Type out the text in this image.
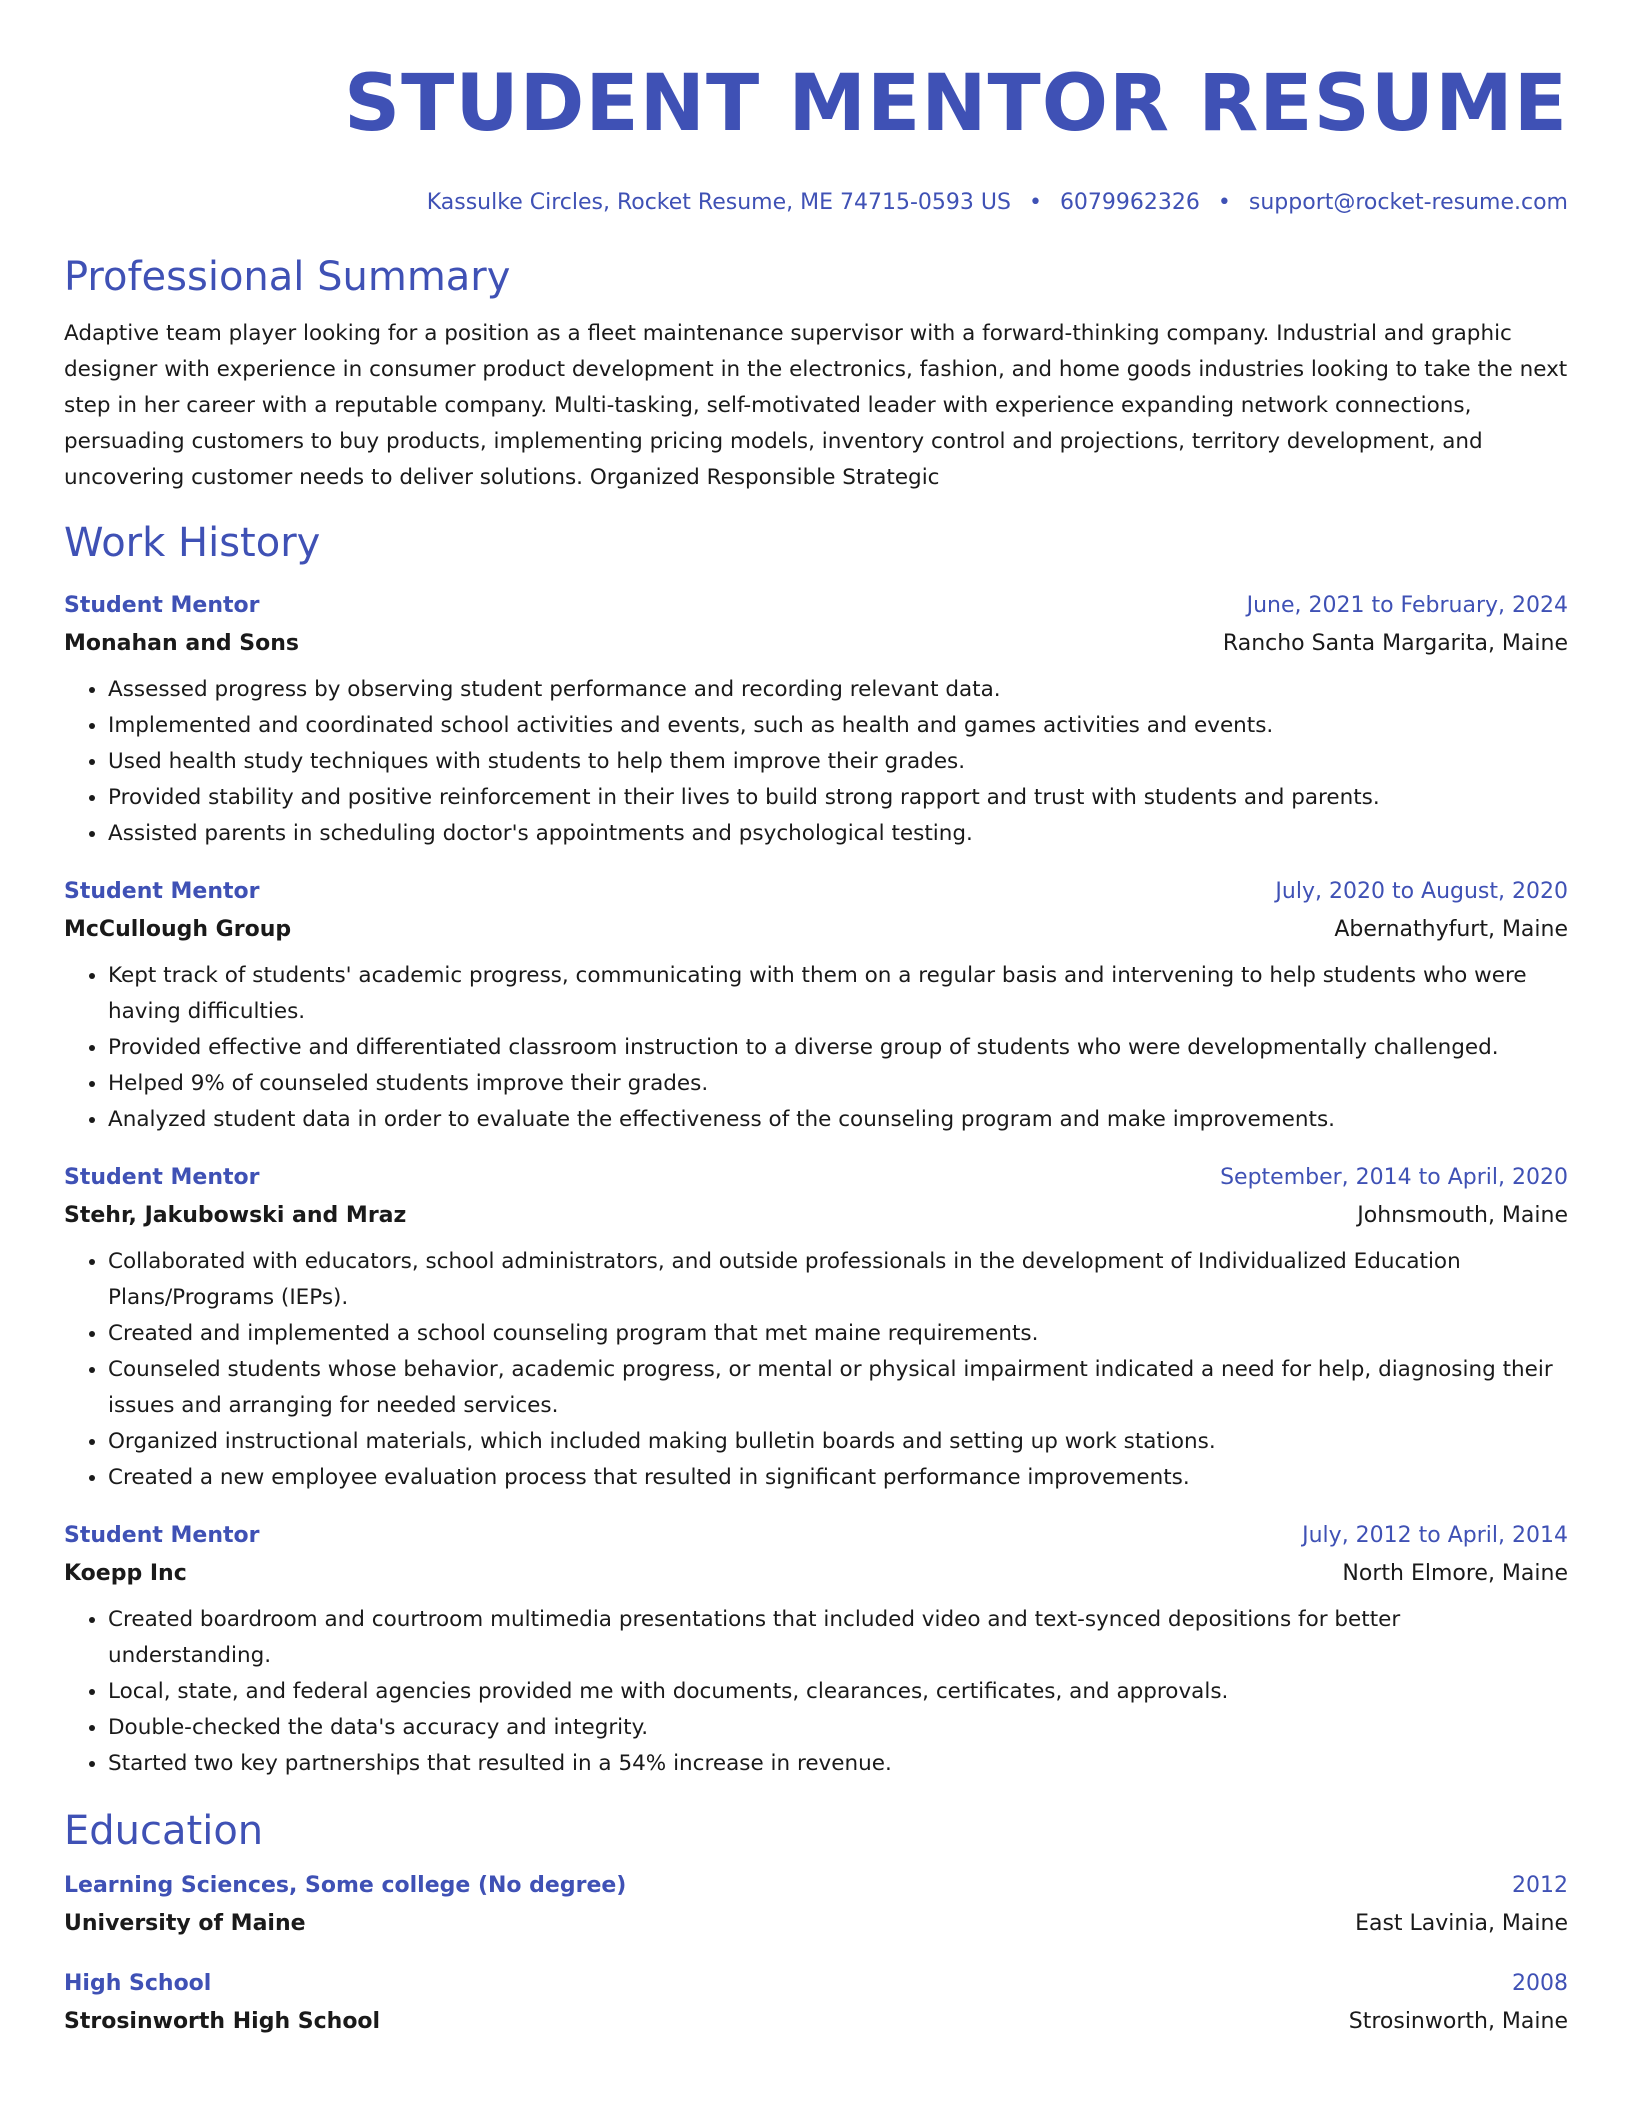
STUDENT MENTOR RESUME
Kassulke Circles, Rocket Resume, ME 74715-0593 US • 6079962326 • support@rocket-resume.com
Professional Summary
Adaptive team player looking for a position as a fleet maintenance supervisor with a forward-thinking company. Industrial and graphic designer with experience in consumer product development in the electronics, fashion, and home goods industries looking to take the next step in her career with a reputable company. Multi-tasking, self-motivated leader with experience expanding network connections, persuading customers to buy products, implementing pricing models, inventory control and projections, territory development, and uncovering customer needs to deliver solutions. Organized Responsible Strategic
Work History
Student Mentor	June, 2021 to February, 2024
Monahan and Sons	Rancho Santa Margarita, Maine
• Assessed progress by observing student performance and recording relevant data.
• Implemented and coordinated school activities and events, such as health and games activities and events.
• Used health study techniques with students to help them improve their grades.
• Provided stability and positive reinforcement in their lives to build strong rapport and trust with students and parents.
• Assisted parents in scheduling doctor's appointments and psychological testing.
Student Mentor	July, 2020 to August, 2020
McCullough Group	Abernathyfurt, Maine
• Kept track of students' academic progress, communicating with them on a regular basis and intervening to help students who were having difficulties.
• Provided effective and differentiated classroom instruction to a diverse group of students who were developmentally challenged.
• Helped 9% of counseled students improve their grades.
• Analyzed student data in order to evaluate the effectiveness of the counseling program and make improvements.
Student Mentor	September, 2014 to April, 2020
Stehr, Jakubowski and Mraz	Johnsmouth, Maine
• Collaborated with educators, school administrators, and outside professionals in the development of Individualized Education Plans/Programs (IEPs).
• Created and implemented a school counseling program that met maine requirements.
• Counseled students whose behavior, academic progress, or mental or physical impairment indicated a need for help, diagnosing their issues and arranging for needed services.
• Organized instructional materials, which included making bulletin boards and setting up work stations.
• Created a new employee evaluation process that resulted in significant performance improvements.
Student Mentor	July, 2012 to April, 2014
Koepp Inc	North Elmore, Maine
• Created boardroom and courtroom multimedia presentations that included video and text-synced depositions for better understanding.
• Local, state, and federal agencies provided me with documents, clearances, certificates, and approvals.
• Double-checked the data's accuracy and integrity.
• Started two key partnerships that resulted in a 54% increase in revenue.
Education
Learning Sciences, Some college (No degree)	2012
University of Maine	East Lavinia, Maine
High School	2008
Strosinworth High School	Strosinworth, Maine
